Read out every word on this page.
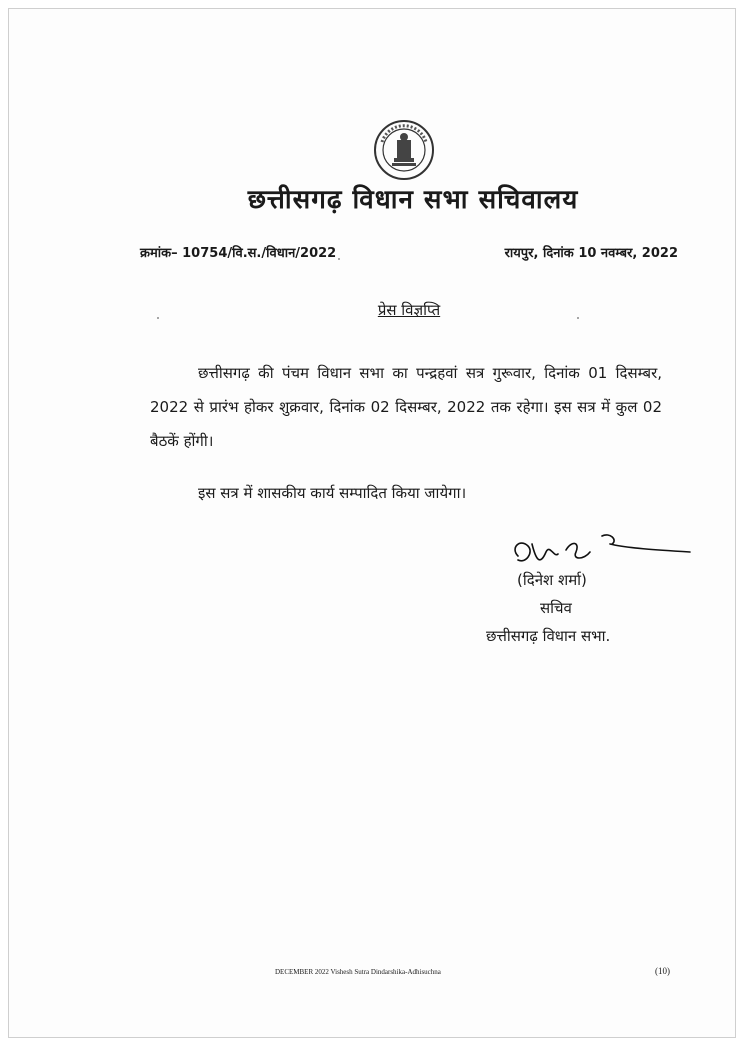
छत्तीसगढ़ विधान सभा सचिवालय
क्रमांक– 10754/वि.स./विधान/2022	रायपुर, दिनांक 10 नवम्बर, 2022
प्रेस विज्ञप्ति
छत्तीसगढ़ की पंचम विधान सभा का पन्द्रहवां सत्र गुरूवार, दिनांक 01 दिसम्बर, 2022 से प्रारंभ होकर शुक्रवार, दिनांक 02 दिसम्बर, 2022 तक रहेगा। इस सत्र में कुल 02 बैठकें होंगी।
इस सत्र में शासकीय कार्य सम्पादित किया जायेगा।
(दिनेश शर्मा)
सचिव
छत्तीसगढ़ विधान सभा.
DECEMBER 2022 Vishesh Sutra Dindarshika-Adhisuchna	(10)
